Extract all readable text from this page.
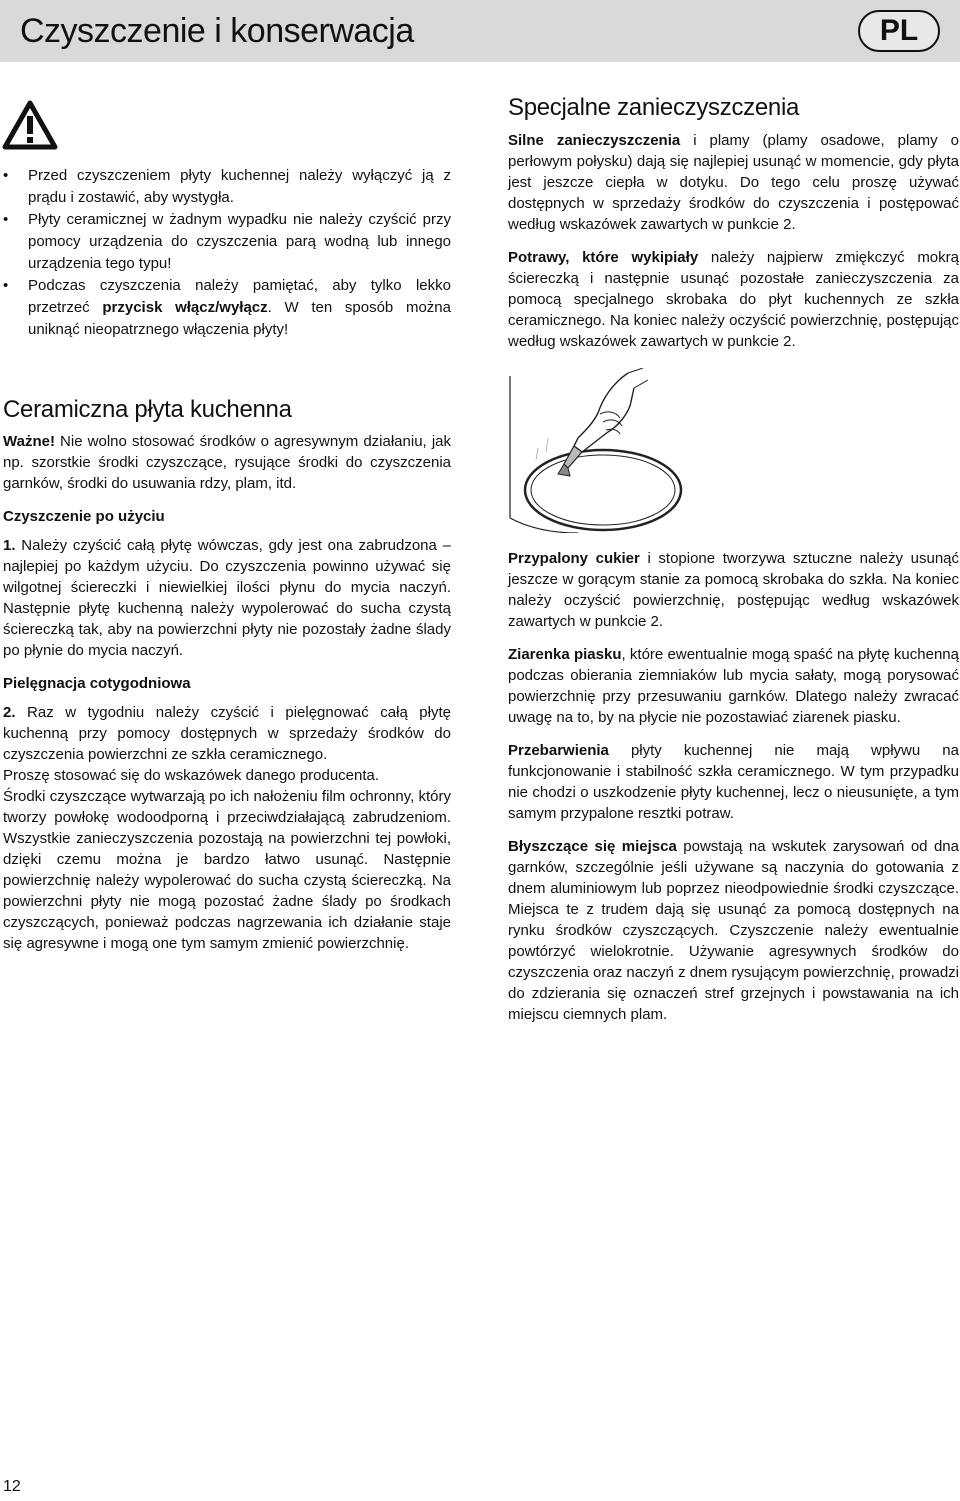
Czyszczenie i konserwacja	PL
• Przed czyszczeniem płyty kuchennej należy wyłączyć ją z prądu i zostawić, aby wystygła.
• Płyty ceramicznej w żadnym wypadku nie należy czyścić przy pomocy urządzenia do czyszczenia parą wodną lub innego urządzenia tego typu!
• Podczas czyszczenia należy pamiętać, aby tylko lekko przetrzeć przycisk włącz/wyłącz. W ten sposób można uniknąć nieopatrznego włączenia płyty!
Ceramiczna płyta kuchenna

Ważne! Nie wolno stosować środków o agresywnym działaniu, jak np. szorstkie środki czyszczące, rysujące środki do czyszczenia garnków, środki do usuwania rdzy, plam, itd.

Czyszczenie po użyciu

1. Należy czyścić całą płytę wówczas, gdy jest ona zabrudzona – najlepiej po każdym użyciu. Do czyszczenia powinno używać się wilgotnej ściereczki i niewielkiej ilości płynu do mycia naczyń. Następnie płytę kuchenną należy wypolerować do sucha czystą ściereczką tak, aby na powierzchni płyty nie pozostały żadne ślady po płynie do mycia naczyń.

Pielęgnacja cotygodniowa

2. Raz w tygodniu należy czyścić i pielęgnować całą płytę kuchenną przy pomocy dostępnych w sprzedaży środków do czyszczenia powierzchni ze szkła ceramicznego.

Proszę stosować się do wskazówek danego producenta.

Środki czyszczące wytwarzają po ich nałożeniu film ochronny, który tworzy powłokę wodoodporną i przeciwdziałającą zabrudzeniom. Wszystkie zanieczyszczenia pozostają na powierzchni tej powłoki, dzięki czemu można je bardzo łatwo usunąć. Następnie powierzchnię należy wypolerować do sucha czystą ściereczką. Na powierzchni płyty nie mogą pozostać żadne ślady po środkach czyszczących, ponieważ podczas nagrzewania ich działanie staje się agresywne i mogą one tym samym zmienić powierzchnię.

Specjalne zanieczyszczenia

Silne zanieczyszczenia i plamy (plamy osadowe, plamy o perłowym połysku) dają się najlepiej usunąć w momencie, gdy płyta jest jeszcze ciepła w dotyku. Do tego celu proszę używać dostępnych w sprzedaży środków do czyszczenia i postępować według wskazówek zawartych w punkcie 2.

Potrawy, które wykipiały należy najpierw zmiękczyć mokrą ściereczką i następnie usunąć pozostałe zanieczyszczenia za pomocą specjalnego skrobaka do płyt kuchennych ze szkła ceramicznego. Na koniec należy oczyścić powierzchnię, postępując według wskazówek zawartych w punkcie 2.

Przypalony cukier i stopione tworzywa sztuczne należy usunąć jeszcze w gorącym stanie za pomocą skrobaka do szkła. Na koniec należy oczyścić powierzchnię, postępując według wskazówek zawartych w punkcie 2.

Ziarenka piasku, które ewentualnie mogą spaść na płytę kuchenną podczas obierania ziemniaków lub mycia sałaty, mogą porysować powierzchnię przy przesuwaniu garnków. Dlatego należy zwracać uwagę na to, by na płycie nie pozostawiać ziarenek piasku.

Przebarwienia płyty kuchennej nie mają wpływu na funkcjonowanie i stabilność szkła ceramicznego. W tym przypadku nie chodzi o uszkodzenie płyty kuchennej, lecz o nieusunięte, a tym samym przypalone resztki potraw.

Błyszczące się miejsca powstają na wskutek zarysowań od dna garnków, szczególnie jeśli używane są naczynia do gotowania z dnem aluminiowym lub poprzez nieodpowiednie środki czyszczące. Miejsca te z trudem dają się usunąć za pomocą dostępnych na rynku środków czyszczących. Czyszczenie należy ewentualnie powtórzyć wielokrotnie. Używanie agresywnych środków do czyszczenia oraz naczyń z dnem rysującym powierzchnię, prowadzi do zdzierania się oznaczeń stref grzejnych i powstawania na ich miejscu ciemnych plam.

12
